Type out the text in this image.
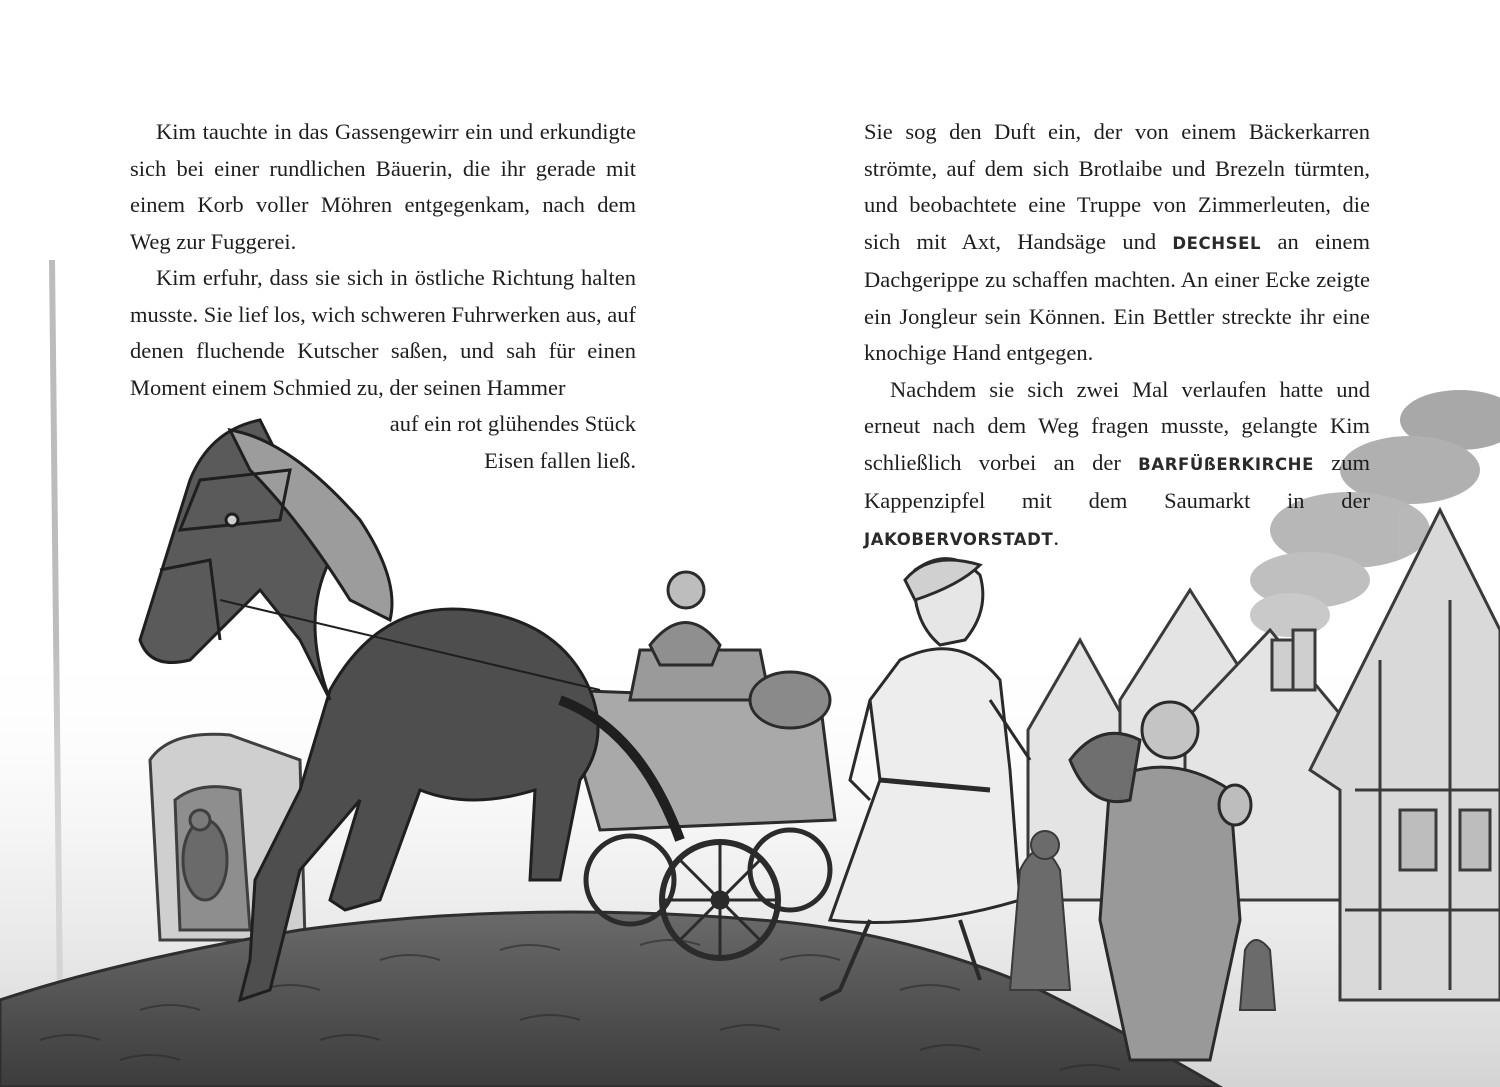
Kim tauchte in das Gassengewirr ein und erkundigte sich bei einer rundlichen Bäuerin, die ihr gerade mit einem Korb voller Möhren entgegenkam, nach dem Weg zur Fuggerei.

Kim erfuhr, dass sie sich in östliche Richtung halten musste. Sie lief los, wich schweren Fuhrwerken aus, auf denen fluchende Kutscher saßen, und sah für einen Moment einem Schmied zu, der seinen Hammer

auf ein rot glühendes Stück Eisen fallen ließ.

Sie sog den Duft ein, der von einem Bäckerkarren strömte, auf dem sich Brotlaibe und Brezeln türmten, und beobachtete eine Truppe von Zimmerleuten, die sich mit Axt, Handsäge und DECHSEL an einem Dachgerippe zu schaffen machten. An einer Ecke zeigte ein Jongleur sein Können. Ein Bettler streckte ihr eine knochige Hand entgegen.

Nachdem sie sich zwei Mal verlaufen hatte und erneut nach dem Weg fragen musste, gelangte Kim schließlich vorbei an der BARFÜßERKIRCHE zum Kappenzipfel mit dem Saumarkt in der JAKOBERVORSTADT.
